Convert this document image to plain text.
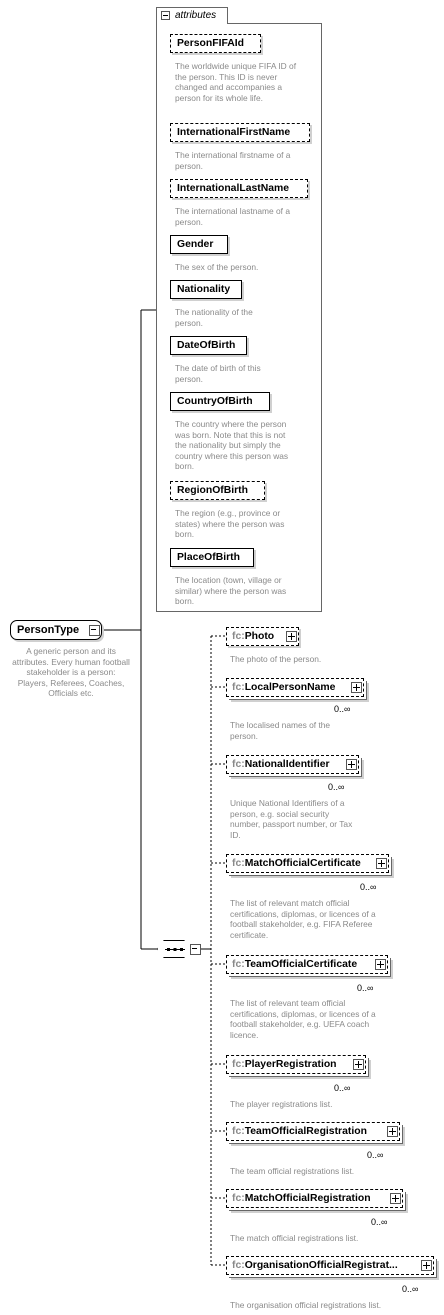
attributes
PersonFIFAId
The worldwide unique FIFA ID of the person. This ID is never changed and accompanies a person for its whole life.
InternationalFirstName
The international firstname of a person.
InternationalLastName
The international lastname of a person.
Gender
The sex of the person.
Nationality
The nationality of the person.
DateOfBirth
The date of birth of this person.
CountryOfBirth
The country where the person was born. Note that this is not the nationality but simply the country where this person was born.
RegionOfBirth
The region (e.g., province or states) where the person was born.
PlaceOfBirth
The location (town, village or similar) where the person was born.
PersonType
A generic person and its attributes. Every human football stakeholder is a person: Players, Referees, Coaches, Officials etc.
fc:Photo
The photo of the person.
fc:LocalPersonName
0..∞
The localised names of the person.
fc:NationalIdentifier
0..∞
Unique National Identifiers of a person, e.g. social security number, passport number, or Tax ID.
fc:MatchOfficialCertificate
0..∞
The list of relevant match official certifications, diplomas, or licences of a football stakeholder, e.g. FIFA Referee certificate.
fc:TeamOfficialCertificate
0..∞
The list of relevant team official certifications, diplomas, or licences of a football stakeholder, e.g. UEFA coach licence.
fc:PlayerRegistration
0..∞
The player registrations list.
fc:TeamOfficialRegistration
0..∞
The team official registrations list.
fc:MatchOfficialRegistration
0..∞
The match official registrations list.
fc:OrganisationOfficialRegistrat...
0..∞
The organisation official registrations list.
